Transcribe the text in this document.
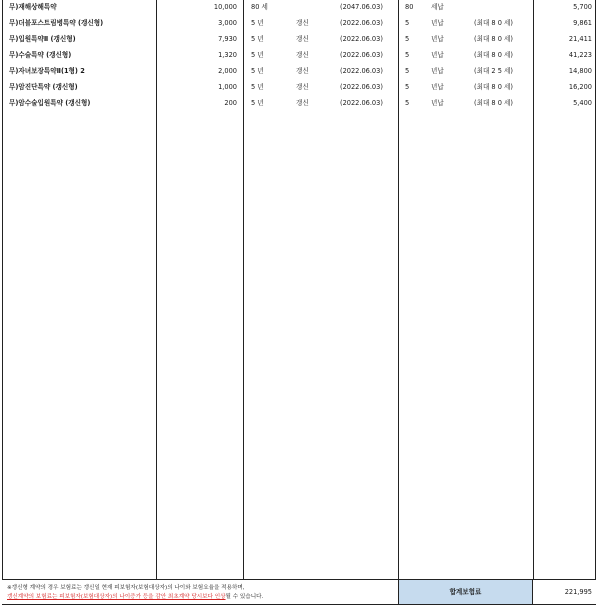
무)재해상해특약	10,000 80 세	(2047.06.03)	80	세납	5,700
무)더블포스트림병특약 (갱신형)	3,000 5 년	갱신	(2022.06.03)	5	년납	(최대 8 0 세)	9,861
무)입원특약Ⅱ (갱신형)	7,930 5 년	갱신	(2022.06.03)	5	년납	(최대 8 0 세)	21,411
무)수술특약 (갱신형)	1,320 5 년	갱신	(2022.06.03)	5	년납	(최대 8 0 세)	41,223
무)자녀보장특약Ⅱ(1형) 2	2,000 5 년	갱신	(2022.06.03)	5	년납	(최대 2 5 세)	14,800
무)암진단특약 (갱신형)	1,000 5 년	갱신	(2022.06.03)	5	년납	(최대 8 0 세)	16,200
무)암수술입원특약 (갱신형)	200 5 년	갱신	(2022.06.03)	5	년납	(최대 8 0 세)	5,400
※갱신형 계약의 경우 보험료는 갱신일 현재 피보험자(보험대상자)의 나이와 보험요율을 적용하며,
갱신계약의 보험료는 피보험자(보험대상자)의 나이증가 등을 감안 최초계약 당시보다 인상될 수 있습니다.
합계보험료	221,995
